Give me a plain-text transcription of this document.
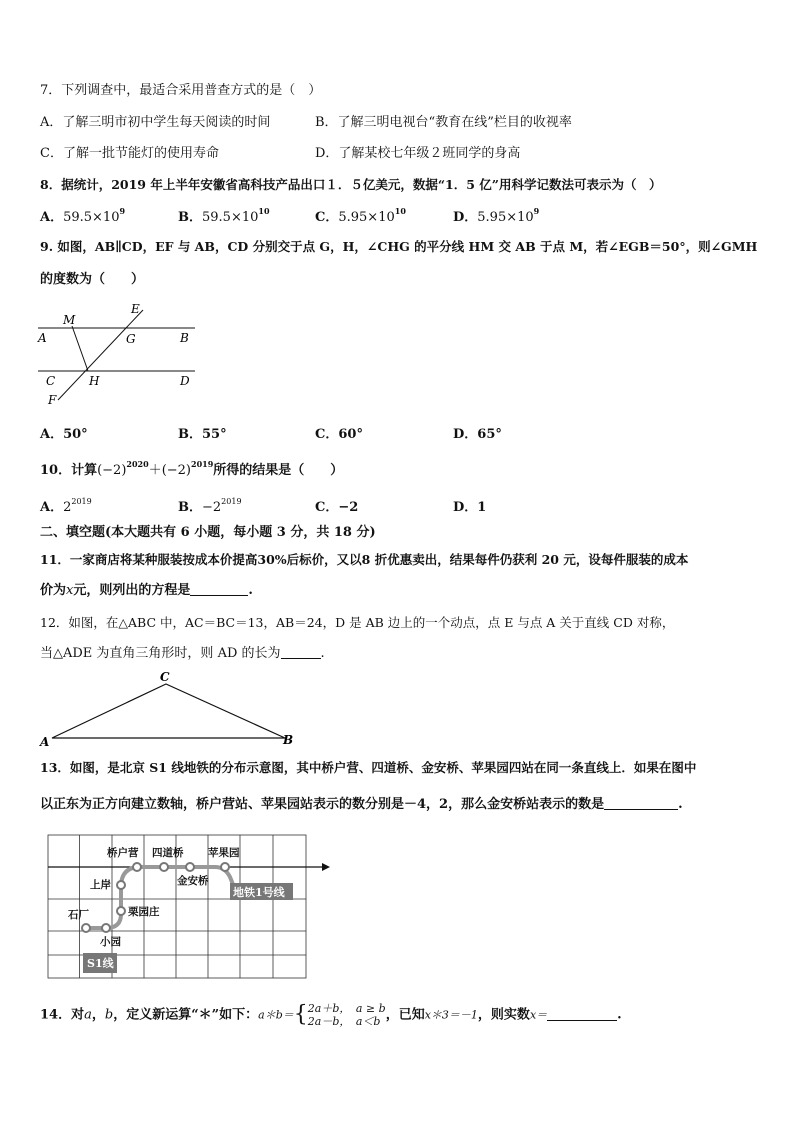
7．下列调查中，最适合采用普查方式的是（　）
A．了解三明市初中学生每天阅读的时间	B．了解三明电视台“教育在线”栏目的收视率
C．了解一批节能灯的使用寿命	D．了解某校七年级２班同学的身高
8．据统计，2019 年上半年安徽省高科技产品出口１．５亿美元，数据“1．5 亿”用科学记数法可表示为（　）
A．$59.5\times 10^9$	B．$59.5\times 10^{10}$	C．$5.95\times 10^{10}$	D．$5.95\times 10^9$
9. 如图，AB∥CD，EF 与 AB，CD 分别交于点 G，H，∠CHG 的平分线 HM 交 AB 于点 M，若∠EGB＝50°，则∠GMH
的度数为（　　）
M
E
A	G	B
C	H	D
F
A．50°	B．55°	C．60°	D．65°
10．计算$(-2)^{2020}+(-2)^{2019}$所得的结果是（　　）
A．$2^{2019}$	B．$-2^{2019}$	C．−2	D．1
二、填空题(本大题共有 6 小题，每小题 3 分，共 18 分)
11．一家商店将某种服装按成本价提高30%后标价，又以8 折优惠卖出，结果每件仍获利 20 元，设每件服装的成本
价为x元，则列出的方程是	.
12．如图，在△ABC 中，AC＝BC＝13，AB＝24，D 是 AB 边上的一个动点，点 E 与点 A 关于直线 CD 对称，
当△ADE 为直角三角形时，则 AD 的长为	.
C
A	B
13．如图，是北京 S1 线地铁的分布示意图，其中桥户营、四道桥、金安桥、苹果园四站在同一条直线上．如果在图中
以正东为正方向建立数轴，桥户营站、苹果园站表示的数分别是－4，2，那么金安桥站表示的数是	.
桥户营 四道桥 苹果园
金安桥
上岸
栗园庄
石厂
小园
地铁1号线
S1线
14．对a，b，定义新运算“＊”如下：a＊b＝{ 2a＋b，　a ≥ b
2a－b，　a＜b ，已知x＊3＝－1，则实数x＝	.
